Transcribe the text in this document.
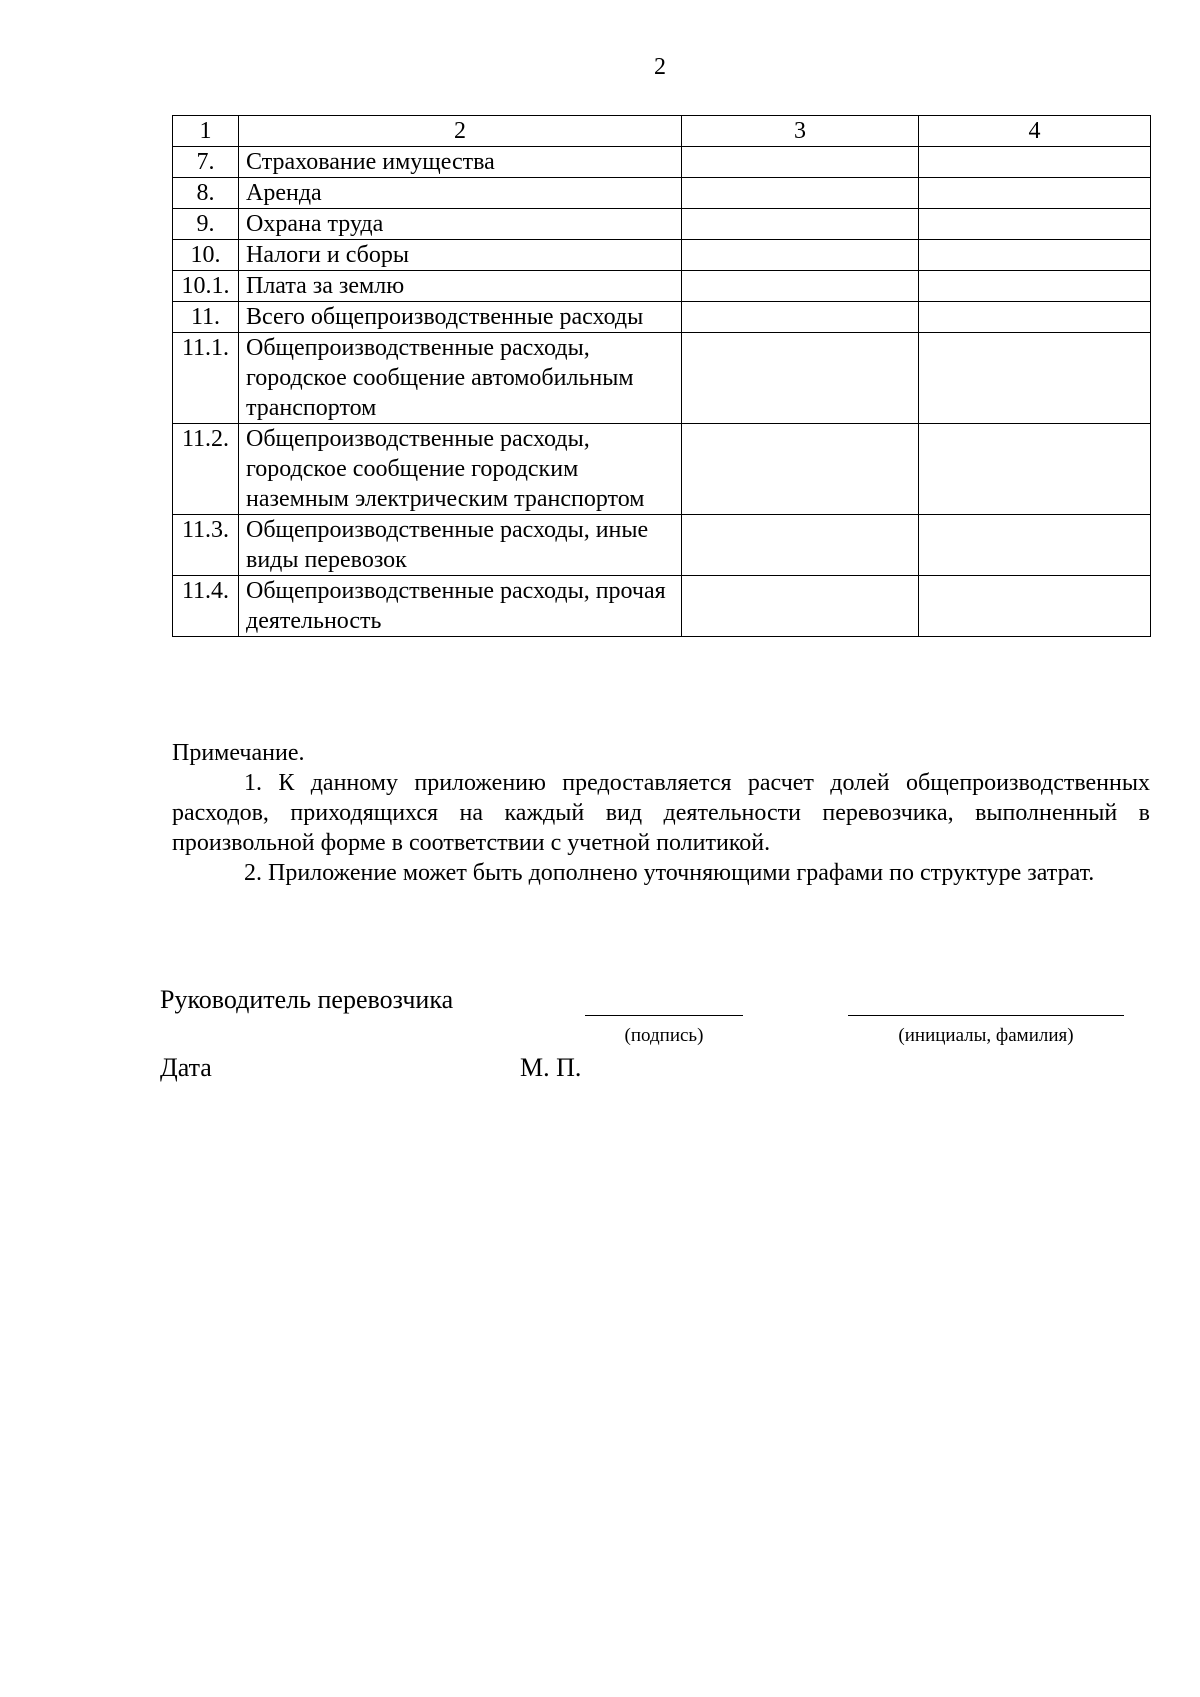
2
1	2	3	4
7.	Страхование имущества		
8.	Аренда		
9.	Охрана труда		
10.	Налоги и сборы		
10.1.	Плата за землю		
11.	Всего общепроизводственные расходы		
11.1.	Общепроизводственные расходы, городское сообщение автомобильным транспортом		
11.2.	Общепроизводственные расходы, городское сообщение городским наземным электрическим транспортом		
11.3.	Общепроизводственные расходы, иные виды перевозок		
11.4.	Общепроизводственные расходы, прочая деятельность		

Примечание.

1. К данному приложению предоставляется расчет долей общепроизводственных расходов, приходящихся на каждый вид деятельности перевозчика, выполненный в произвольной форме в соответствии с учетной политикой.

2. Приложение может быть дополнено уточняющими графами по структуре затрат.

Руководитель перевозчика
(подпись)	(инициалы, фамилия)
Дата	М. П.
